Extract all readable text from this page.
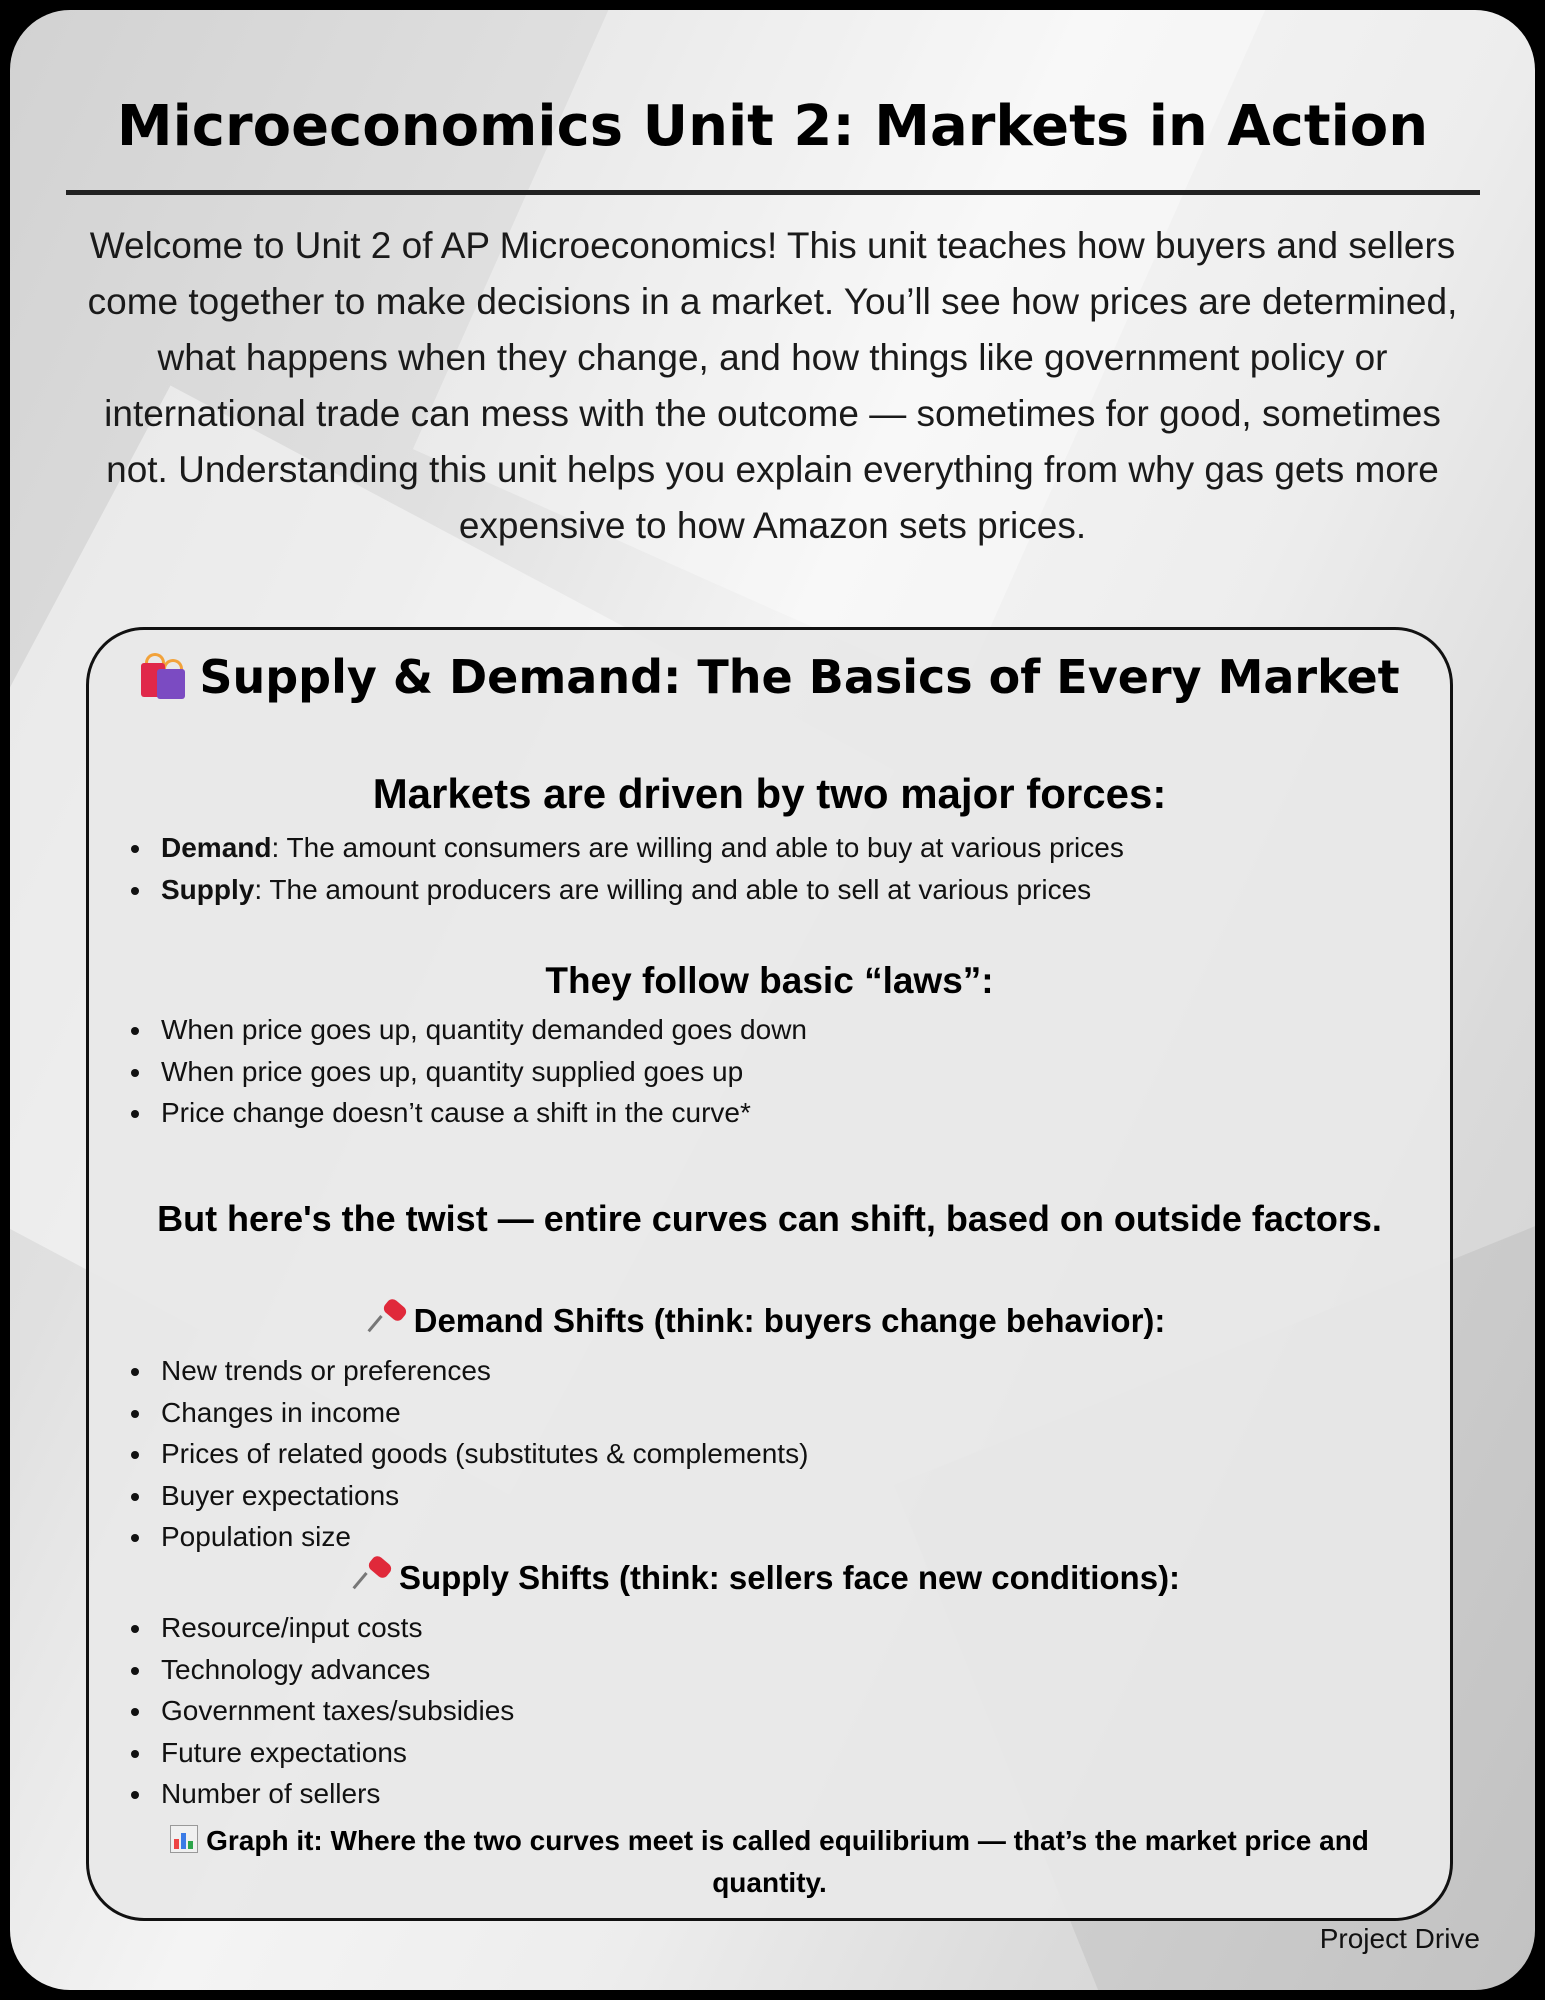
Microeconomics Unit 2: Markets in Action

Welcome to Unit 2 of AP Microeconomics! This unit teaches how buyers and sellers come together to make decisions in a market. You’ll see how prices are determined, what happens when they change, and how things like government policy or international trade can mess with the outcome — sometimes for good, sometimes not. Understanding this unit helps you explain everything from why gas gets more expensive to how Amazon sets prices.

Supply & Demand: The Basics of Every Market
Markets are driven by two major forces:
Demand: The amount consumers are willing and able to buy at various prices
Supply: The amount producers are willing and able to sell at various prices
They follow basic “laws”:
When price goes up, quantity demanded goes down
When price goes up, quantity supplied goes up
Price change doesn’t cause a shift in the curve*
But here's the twist — entire curves can shift, based on outside factors.
Demand Shifts (think: buyers change behavior):
New trends or preferences
Changes in income
Prices of related goods (substitutes & complements)
Buyer expectations
Population size
Supply Shifts (think: sellers face new conditions):
Resource/input costs
Technology advances
Government taxes/subsidies
Future expectations
Number of sellers

Graph it: Where the two curves meet is called equilibrium — that’s the market price and quantity.

Project Drive
